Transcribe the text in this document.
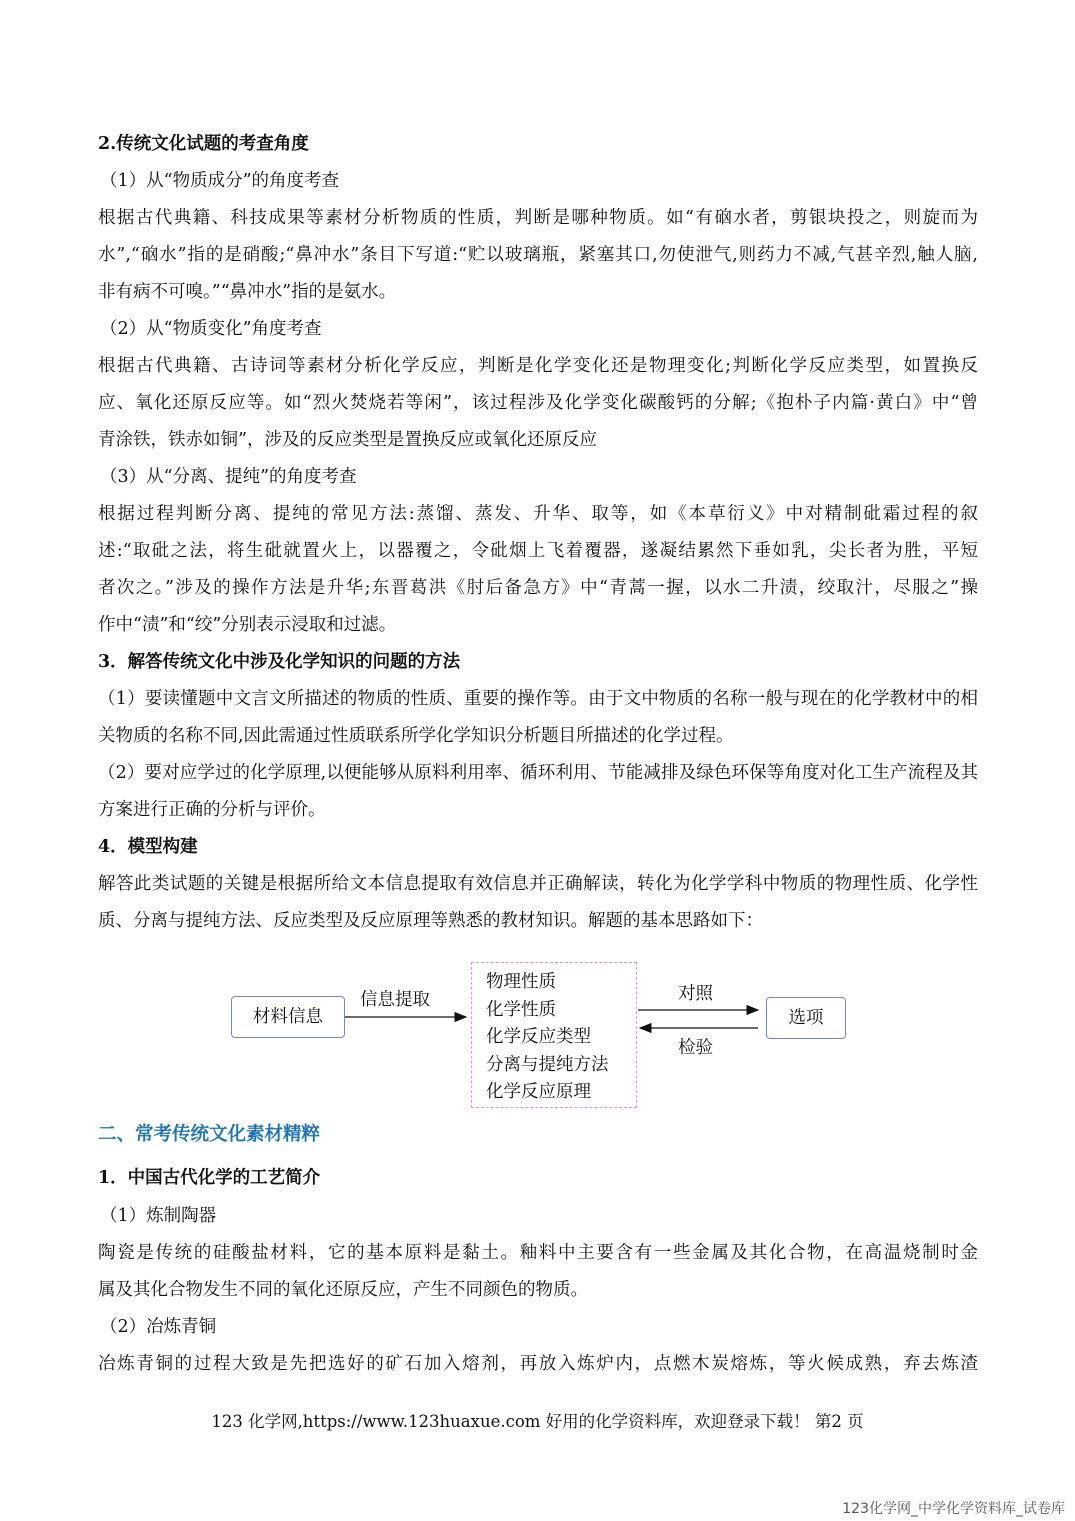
2.传统文化试题的考查角度
（1）从“物质成分”的角度考查
根据古代典籍、科技成果等素材分析物质的性质，判断是哪种物质。如“有硇水者，剪银块投之，则旋而为
水”,“硇水”指的是硝酸;“鼻冲水”条目下写道:“贮以玻璃瓶，紧塞其口,勿使泄气,则药力不减,气甚辛烈,触人脑,
非有病不可嗅。”“鼻冲水”指的是氨水。
（2）从“物质变化”角度考查
根据古代典籍、古诗词等素材分析化学反应，判断是化学变化还是物理变化;判断化学反应类型，如置换反
应、氧化还原反应等。如“烈火焚烧若等闲”，该过程涉及化学变化碳酸钙的分解;《抱朴子内篇·黄白》中“曾
青涂铁，铁赤如铜”，涉及的反应类型是置换反应或氧化还原反应
（3）从“分离、提纯”的角度考查
根据过程判断分离、提纯的常见方法:蒸馏、蒸发、升华、取等，如《本草衍义》中对精制砒霜过程的叙
述:“取砒之法，将生砒就置火上，以器覆之，令砒烟上飞着覆器，遂凝结累然下垂如乳，尖长者为胜，平短
者次之。”涉及的操作方法是升华;东晋葛洪《肘后备急方》中“青蒿一握，以水二升渍，绞取汁，尽服之”操
作中“渍”和“绞”分别表示浸取和过滤。
3．解答传统文化中涉及化学知识的问题的方法
（1）要读懂题中文言文所描述的物质的性质、重要的操作等。由于文中物质的名称一般与现在的化学教材中的相
关物质的名称不同,因此需通过性质联系所学化学知识分析题目所描述的化学过程。
（2）要对应学过的化学原理,以便能够从原料利用率、循环利用、节能减排及绿色环保等角度对化工生产流程及其
方案进行正确的分析与评价。
4．模型构建
解答此类试题的关键是根据所给文本信息提取有效信息并正确解读，转化为化学学科中物质的物理性质、化学性
质、分离与提纯方法、反应类型及反应原理等熟悉的教材知识。解题的基本思路如下：
材料信息
信息提取
物理性质
化学性质
化学反应类型
分离与提纯方法
化学反应原理
对照
检验
选项
二、常考传统文化素材精粹
1．中国古代化学的工艺简介
（1）炼制陶器
陶瓷是传统的硅酸盐材料，它的基本原料是黏土。釉料中主要含有一些金属及其化合物，在高温烧制时金
属及其化合物发生不同的氧化还原反应，产生不同颜色的物质。
（2）冶炼青铜
冶炼青铜的过程大致是先把选好的矿石加入熔剂，再放入炼炉内，点燃木炭熔炼，等火候成熟，弃去炼渣
123 化学网,https://www.123huaxue.com 好用的化学资料库，欢迎登录下载！ 第2 页
123化学网_中学化学资料库_试卷库
